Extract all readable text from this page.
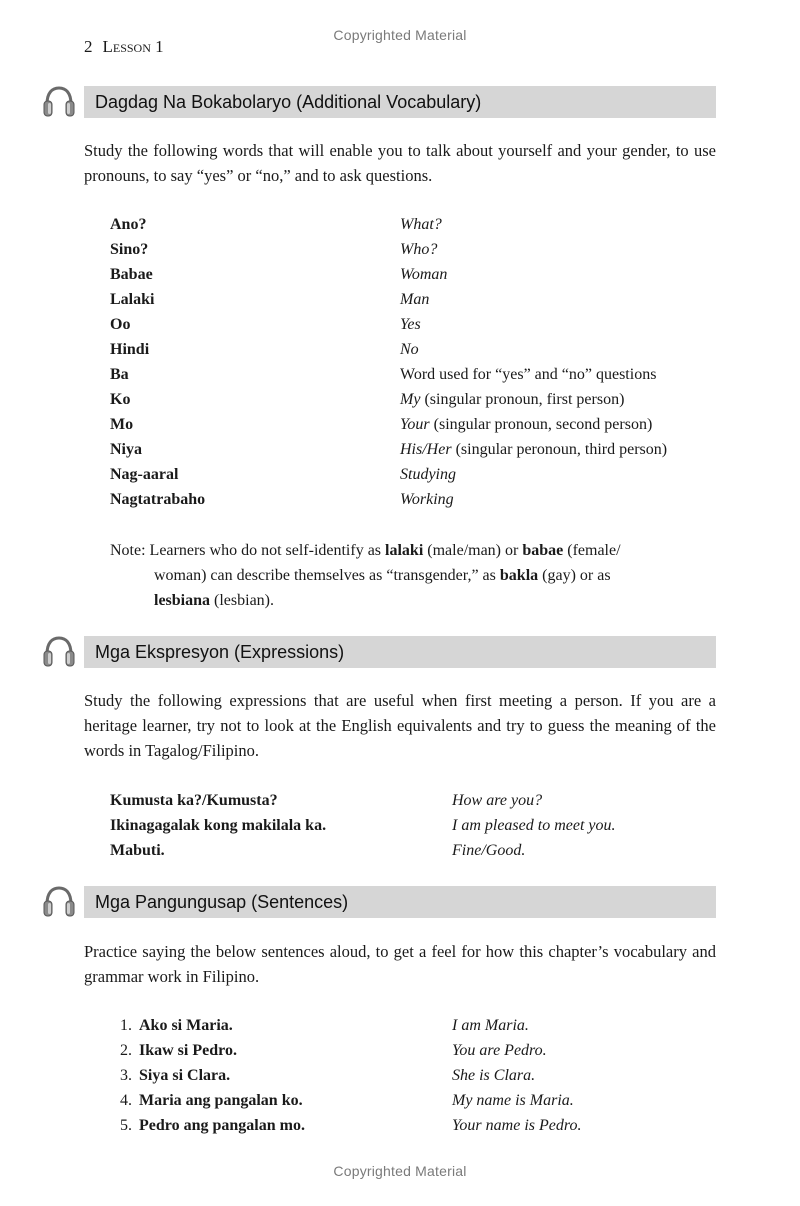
Copyrighted Material
Copyrighted Material
2 Lesson 1
Dagdag Na Bokabolaryo (Additional Vocabulary)
Study the following words that will enable you to talk about yourself and your gender, to use pronouns, to say “yes” or “no,” and to ask questions.
Ano?	What?
Sino?	Who?
Babae	Woman
Lalaki	Man
Oo	Yes
Hindi	No
Ba	Word used for “yes” and “no” questions
Ko	My (singular pronoun, first person)
Mo	Your (singular pronoun, second person)
Niya	His/Her (singular peronoun, third person)
Nag-aaral	Studying
Nagtatrabaho	Working
Note: Learners who do not self-identify as lalaki (male/man) or babae (female/
woman) can describe themselves as “transgender,” as bakla (gay) or as
lesbiana (lesbian).
Mga Ekspresyon (Expressions)
Study the following expressions that are useful when first meeting a person. If you are a heritage learner, try not to look at the English equivalents and try to guess the meaning of the words in Tagalog/Filipino.
Kumusta ka?/Kumusta?	How are you?
Ikinagagalak kong makilala ka.	I am pleased to meet you.
Mabuti.	Fine/Good.
Mga Pangungusap (Sentences)
Practice saying the below sentences aloud, to get a feel for how this chapter’s vocabulary and grammar work in Filipino.
1. Ako si Maria.	I am Maria.
2. Ikaw si Pedro.	You are Pedro.
3. Siya si Clara.	She is Clara.
4. Maria ang pangalan ko.	My name is Maria.
5. Pedro ang pangalan mo.	Your name is Pedro.
